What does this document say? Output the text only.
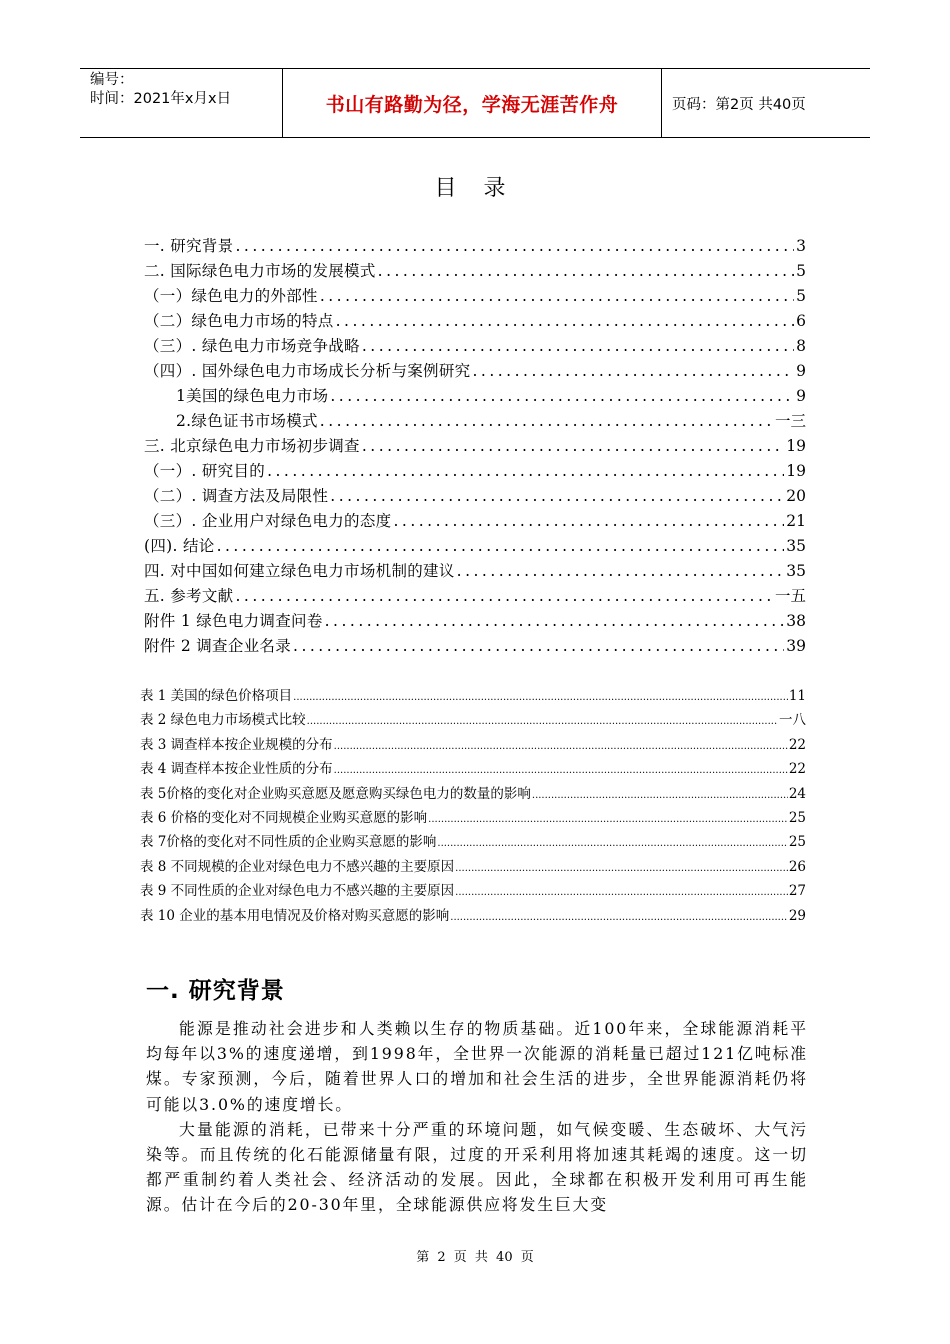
编号：
时间：2021年x月x日	书山有路勤为径，学海无涯苦作舟	页码：第2页 共40页
目 录
一. 研究背景 .....	3
二. 国际绿色电力市场的发展模式 .....	5
（一）绿色电力的外部性 .....	5
（二）绿色电力市场的特点 .....	6
（三）. 绿色电力市场竞争战略 .....	8
（四）. 国外绿色电力市场成长分析与案例研究 .....	9
1美国的绿色电力市场 .....	9
2.绿色证书市场模式 .....	一三
三. 北京绿色电力市场初步调查 .....	19
（一）. 研究目的 .....	19
（二）. 调查方法及局限性 .....	20
（三）. 企业用户对绿色电力的态度 .....	21
(四). 结论 .....	35
四. 对中国如何建立绿色电力市场机制的建议 .....	35
五. 参考文献 .....	一五
附件 1 绿色电力调查问卷 .....	38
附件 2 调查企业名录 .....	39
表 1 美国的绿色价格项目 .....	11
表 2 绿色电力市场模式比较 .....	一八
表 3 调查样本按企业规模的分布 .....	22
表 4 调查样本按企业性质的分布 .....	22
表 5价格的变化对企业购买意愿及愿意购买绿色电力的数量的影响 .....	24
表 6 价格的变化对不同规模企业购买意愿的影响 .....	25
表 7价格的变化对不同性质的企业购买意愿的影响 .....	25
表 8 不同规模的企业对绿色电力不感兴趣的主要原因 .....	26
表 9 不同性质的企业对绿色电力不感兴趣的主要原因 .....	27
表 10 企业的基本用电情况及价格对购买意愿的影响 .....	29
一. 研究背景

能源是推动社会进步和人类赖以生存的物质基础。近100年来，全球能源消耗平均每年以3%的速度递增，到1998年，全世界一次能源的消耗量已超过121亿吨标准煤。专家预测，今后，随着世界人口的增加和社会生活的进步，全世界能源消耗仍将可能以3.0%的速度增长。

大量能源的消耗，已带来十分严重的环境问题，如气候变暖、生态破坏、大气污染等。而且传统的化石能源储量有限，过度的开采利用将加速其耗竭的速度。这一切都严重制约着人类社会、经济活动的发展。因此，全球都在积极开发利用可再生能源。估计在今后的20-30年里，全球能源供应将发生巨大变

第 2 页 共 40 页
